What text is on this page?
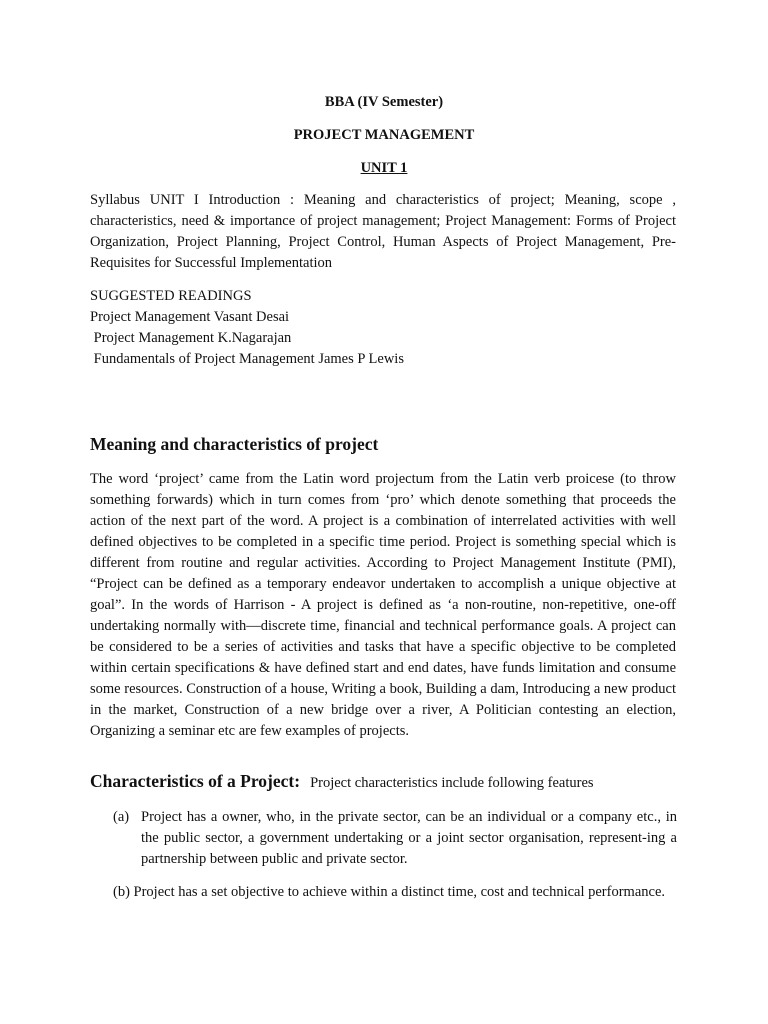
BBA (IV Semester)
PROJECT MANAGEMENT
UNIT 1
Syllabus UNIT I Introduction : Meaning and characteristics of project; Meaning, scope , characteristics, need & importance of project management; Project Management: Forms of Project Organization, Project Planning, Project Control, Human Aspects of Project Management, Pre- Requisites for Successful Implementation
SUGGESTED READINGS
Project Management Vasant Desai
Project Management K.Nagarajan
Fundamentals of Project Management James P Lewis
Meaning and characteristics of project
The word ‘project’ came from the Latin word projectum from the Latin verb proicese (to throw something forwards) which in turn comes from ‘pro’ which denote something that proceeds the action of the next part of the word. A project is a combination of interrelated activities with well defined objectives to be completed in a specific time period. Project is something special which is different from routine and regular activities. According to Project Management Institute (PMI), “Project can be defined as a temporary endeavor undertaken to accomplish a unique objective at goal”. In the words of Harrison - A project is defined as ‘a non-routine, non-repetitive, one-off undertaking normally with—discrete time, financial and technical performance goals. A project can be considered to be a series of activities and tasks that have a specific objective to be completed within certain specifications & have defined start and end dates, have funds limitation and consume some resources. Construction of a house, Writing a book, Building a dam, Introducing a new product in the market, Construction of a new bridge over a river, A Politician contesting an election, Organizing a seminar etc are few examples of projects.
Characteristics of a Project: Project characteristics include following features
(a) Project has a owner, who, in the private sector, can be an individual or a company etc., in the public sector, a government undertaking or a joint sector organisation, represent-ing a partnership between public and private sector.
(b) Project has a set objective to achieve within a distinct time, cost and technical performance.
